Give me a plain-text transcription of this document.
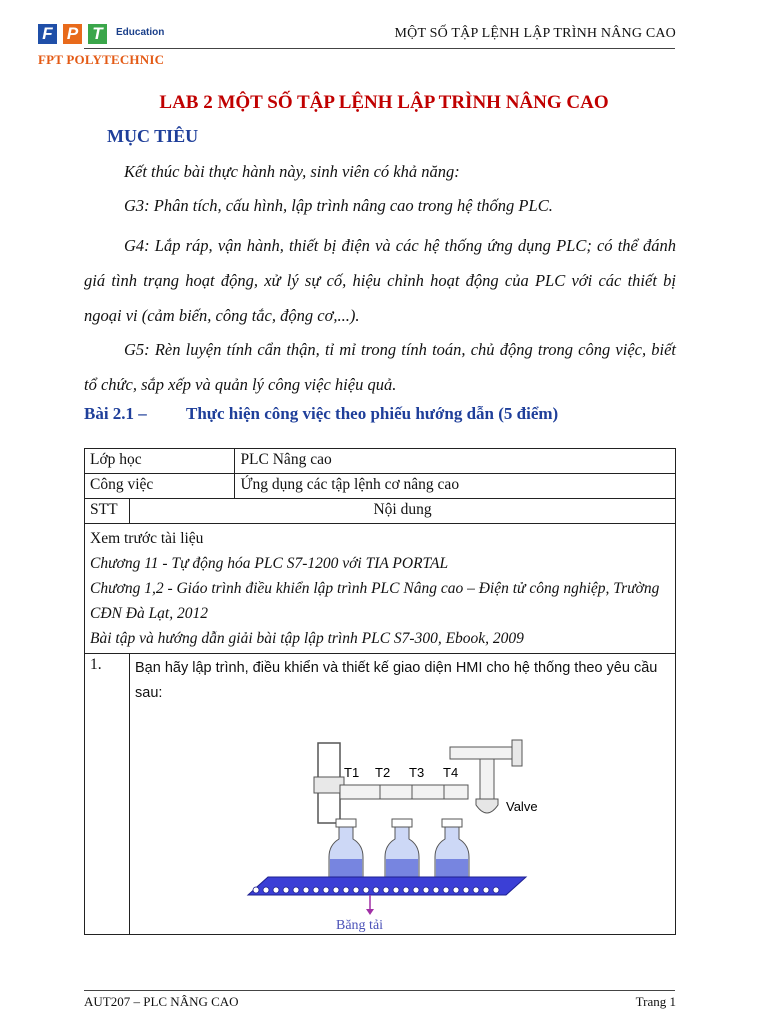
F P T	Education
FPT POLYTECHNIC
MỘT SỐ TẬP LỆNH LẬP TRÌNH NÂNG CAO
LAB 2 MỘT SỐ TẬP LỆNH LẬP TRÌNH NÂNG CAO
MỤC TIÊU
Kết thúc bài thực hành này, sinh viên có khả năng:
G3: Phân tích, cấu hình, lập trình nâng cao trong hệ thống PLC.
G4: Lắp ráp, vận hành, thiết bị điện và các hệ thống ứng dụng PLC; có thể đánh giá tình trạng hoạt động, xử lý sự cố, hiệu chỉnh hoạt động của PLC với các thiết bị ngoại vi (cảm biến, công tắc, động cơ,...).
G5: Rèn luyện tính cẩn thận, tỉ mỉ trong tính toán, chủ động trong công việc, biết tổ chức, sắp xếp và quản lý công việc hiệu quả.
Bài 2.1 – Thực hiện công việc theo phiếu hướng dẫn (5 điểm)
Lớp học		PLC Nâng cao
Công việc		Ứng dụng các tập lệnh cơ nâng cao
STT	Nội dung	

Xem trước tài liệu
Chương 11 - Tự động hóa PLC S7-1200 với TIA PORTAL
Chương 1,2 - Giáo trình điều khiển lập trình PLC Nâng cao – Điện tử công nghiệp, Trường CĐN Đà Lạt, 2012
Bài tập và hướng dẫn giải bài tập lập trình PLC S7-300, Ebook, 2009		

1.	Bạn hãy lập trình, điều khiển và thiết kế giao diện HMI cho hệ thống theo yêu cầu sau:	
T1 T2 T3 T4
Valve
Băng tải
AUT207 – PLC NÂNG CAO	Trang 1
